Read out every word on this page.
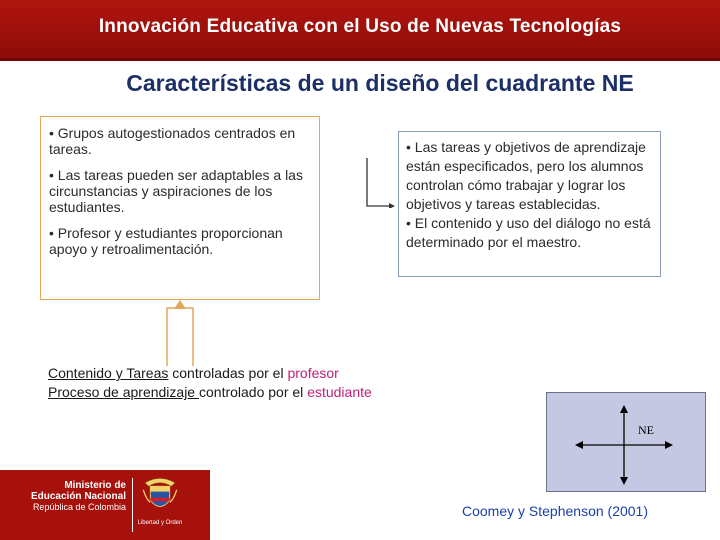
Innovación Educativa con el Uso de Nuevas Tecnologías
Características de un diseño del cuadrante NE

• Grupos autogestionados centrados en tareas.

• Las tareas pueden ser adaptables a las circunstancias y aspiraciones de los estudiantes.

• Profesor y estudiantes proporcionan apoyo y retroalimentación.

• Las tareas y objetivos de aprendizaje están especificados, pero los alumnos controlan cómo trabajar y lograr los objetivos y tareas establecidas.

• El contenido y uso del diálogo no está determinado por el maestro.

Contenido y Tareas controladas por el profesor
Proceso de aprendizaje controlado por el estudiante
NE
Ministerio de
Educación Nacional
República de Colombia
Libertad y Orden
Coomey y Stephenson (2001)
